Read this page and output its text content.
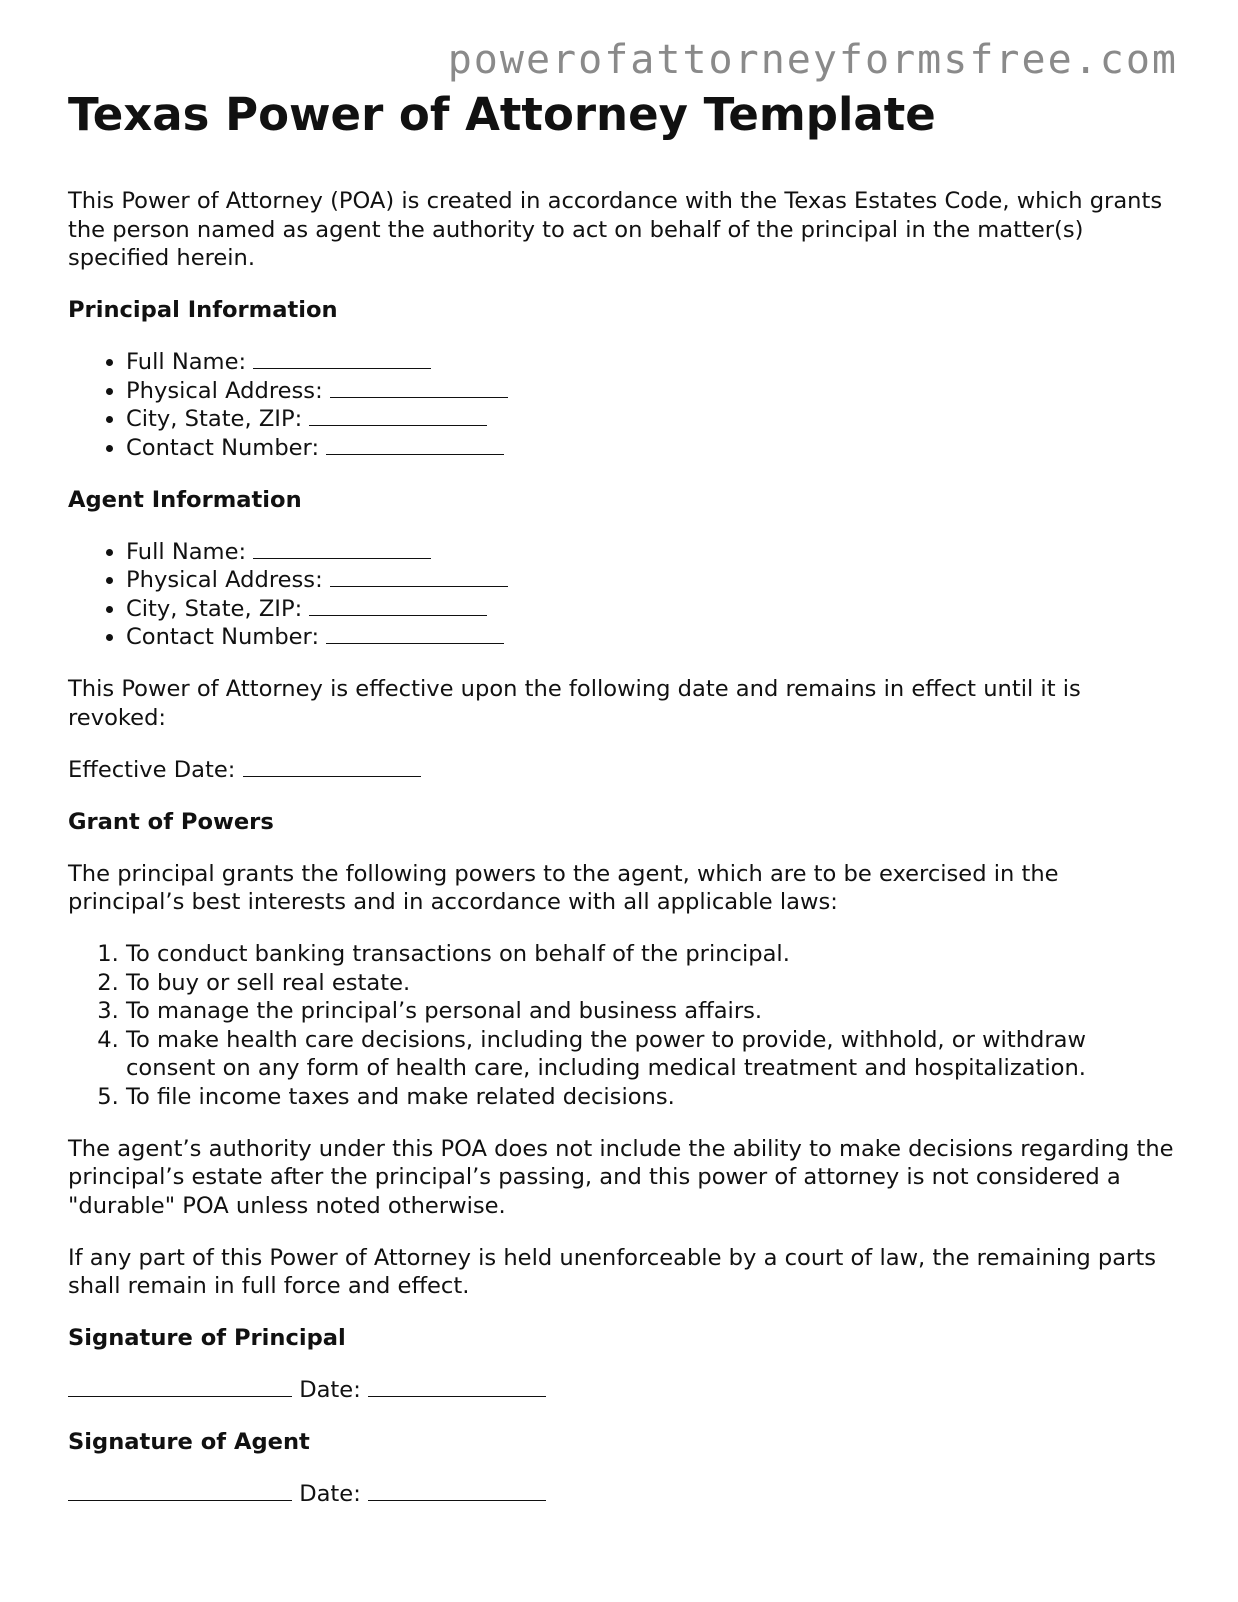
powerofattorneyformsfree.com
Texas Power of Attorney Template

This Power of Attorney (POA) is created in accordance with the Texas Estates Code, which grants the person named as agent the authority to act on behalf of the principal in the matter(s) specified herein.

Principal Information
• Full Name:
• Physical Address:
• City, State, ZIP:
• Contact Number:
Agent Information
• Full Name:
• Physical Address:
• City, State, ZIP:
• Contact Number:

This Power of Attorney is effective upon the following date and remains in effect until it is revoked:

Effective Date:

Grant of Powers

The principal grants the following powers to the agent, which are to be exercised in the principal’s best interests and in accordance with all applicable laws:

1. To conduct banking transactions on behalf of the principal.
2. To buy or sell real estate.
3. To manage the principal’s personal and business affairs.
4. To make health care decisions, including the power to provide, withhold, or withdraw consent on any form of health care, including medical treatment and hospitalization.
5. To file income taxes and make related decisions.

The agent’s authority under this POA does not include the ability to make decisions regarding the principal’s estate after the principal’s passing, and this power of attorney is not considered a "durable" POA unless noted otherwise.

If any part of this Power of Attorney is held unenforceable by a court of law, the remaining parts shall remain in full force and effect.

Signature of Principal
Date:
Signature of Agent
Date:
